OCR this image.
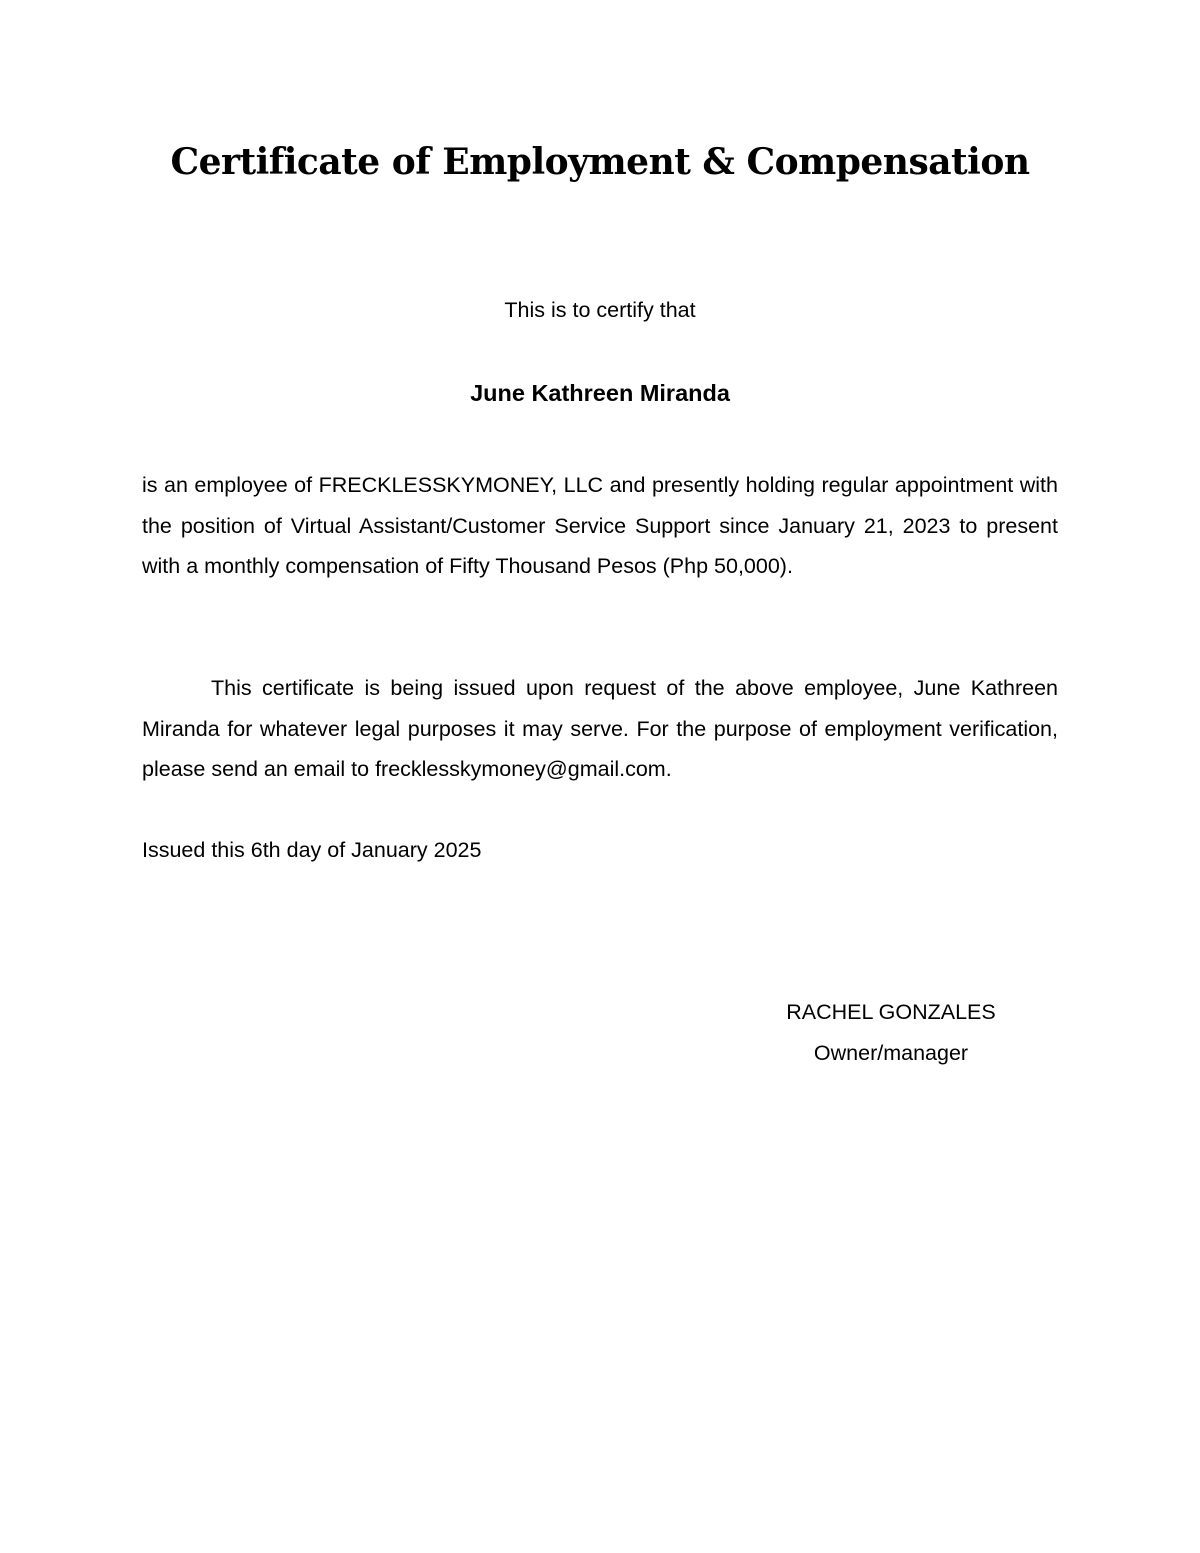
Certificate of Employment & Compensation

This is to certify that

June Kathreen Miranda

is an employee of FRECKLESSKYMONEY, LLC and presently holding regular appointment with the position of Virtual Assistant/Customer Service Support since January 21, 2023 to present with a monthly compensation of Fifty Thousand Pesos (Php 50,000).

This certificate is being issued upon request of the above employee, June Kathreen Miranda for whatever legal purposes it may serve. For the purpose of employment verification, please send an email to frecklesskymoney@gmail.com.

Issued this 6th day of January 2025

RACHEL GONZALES
Owner/manager
